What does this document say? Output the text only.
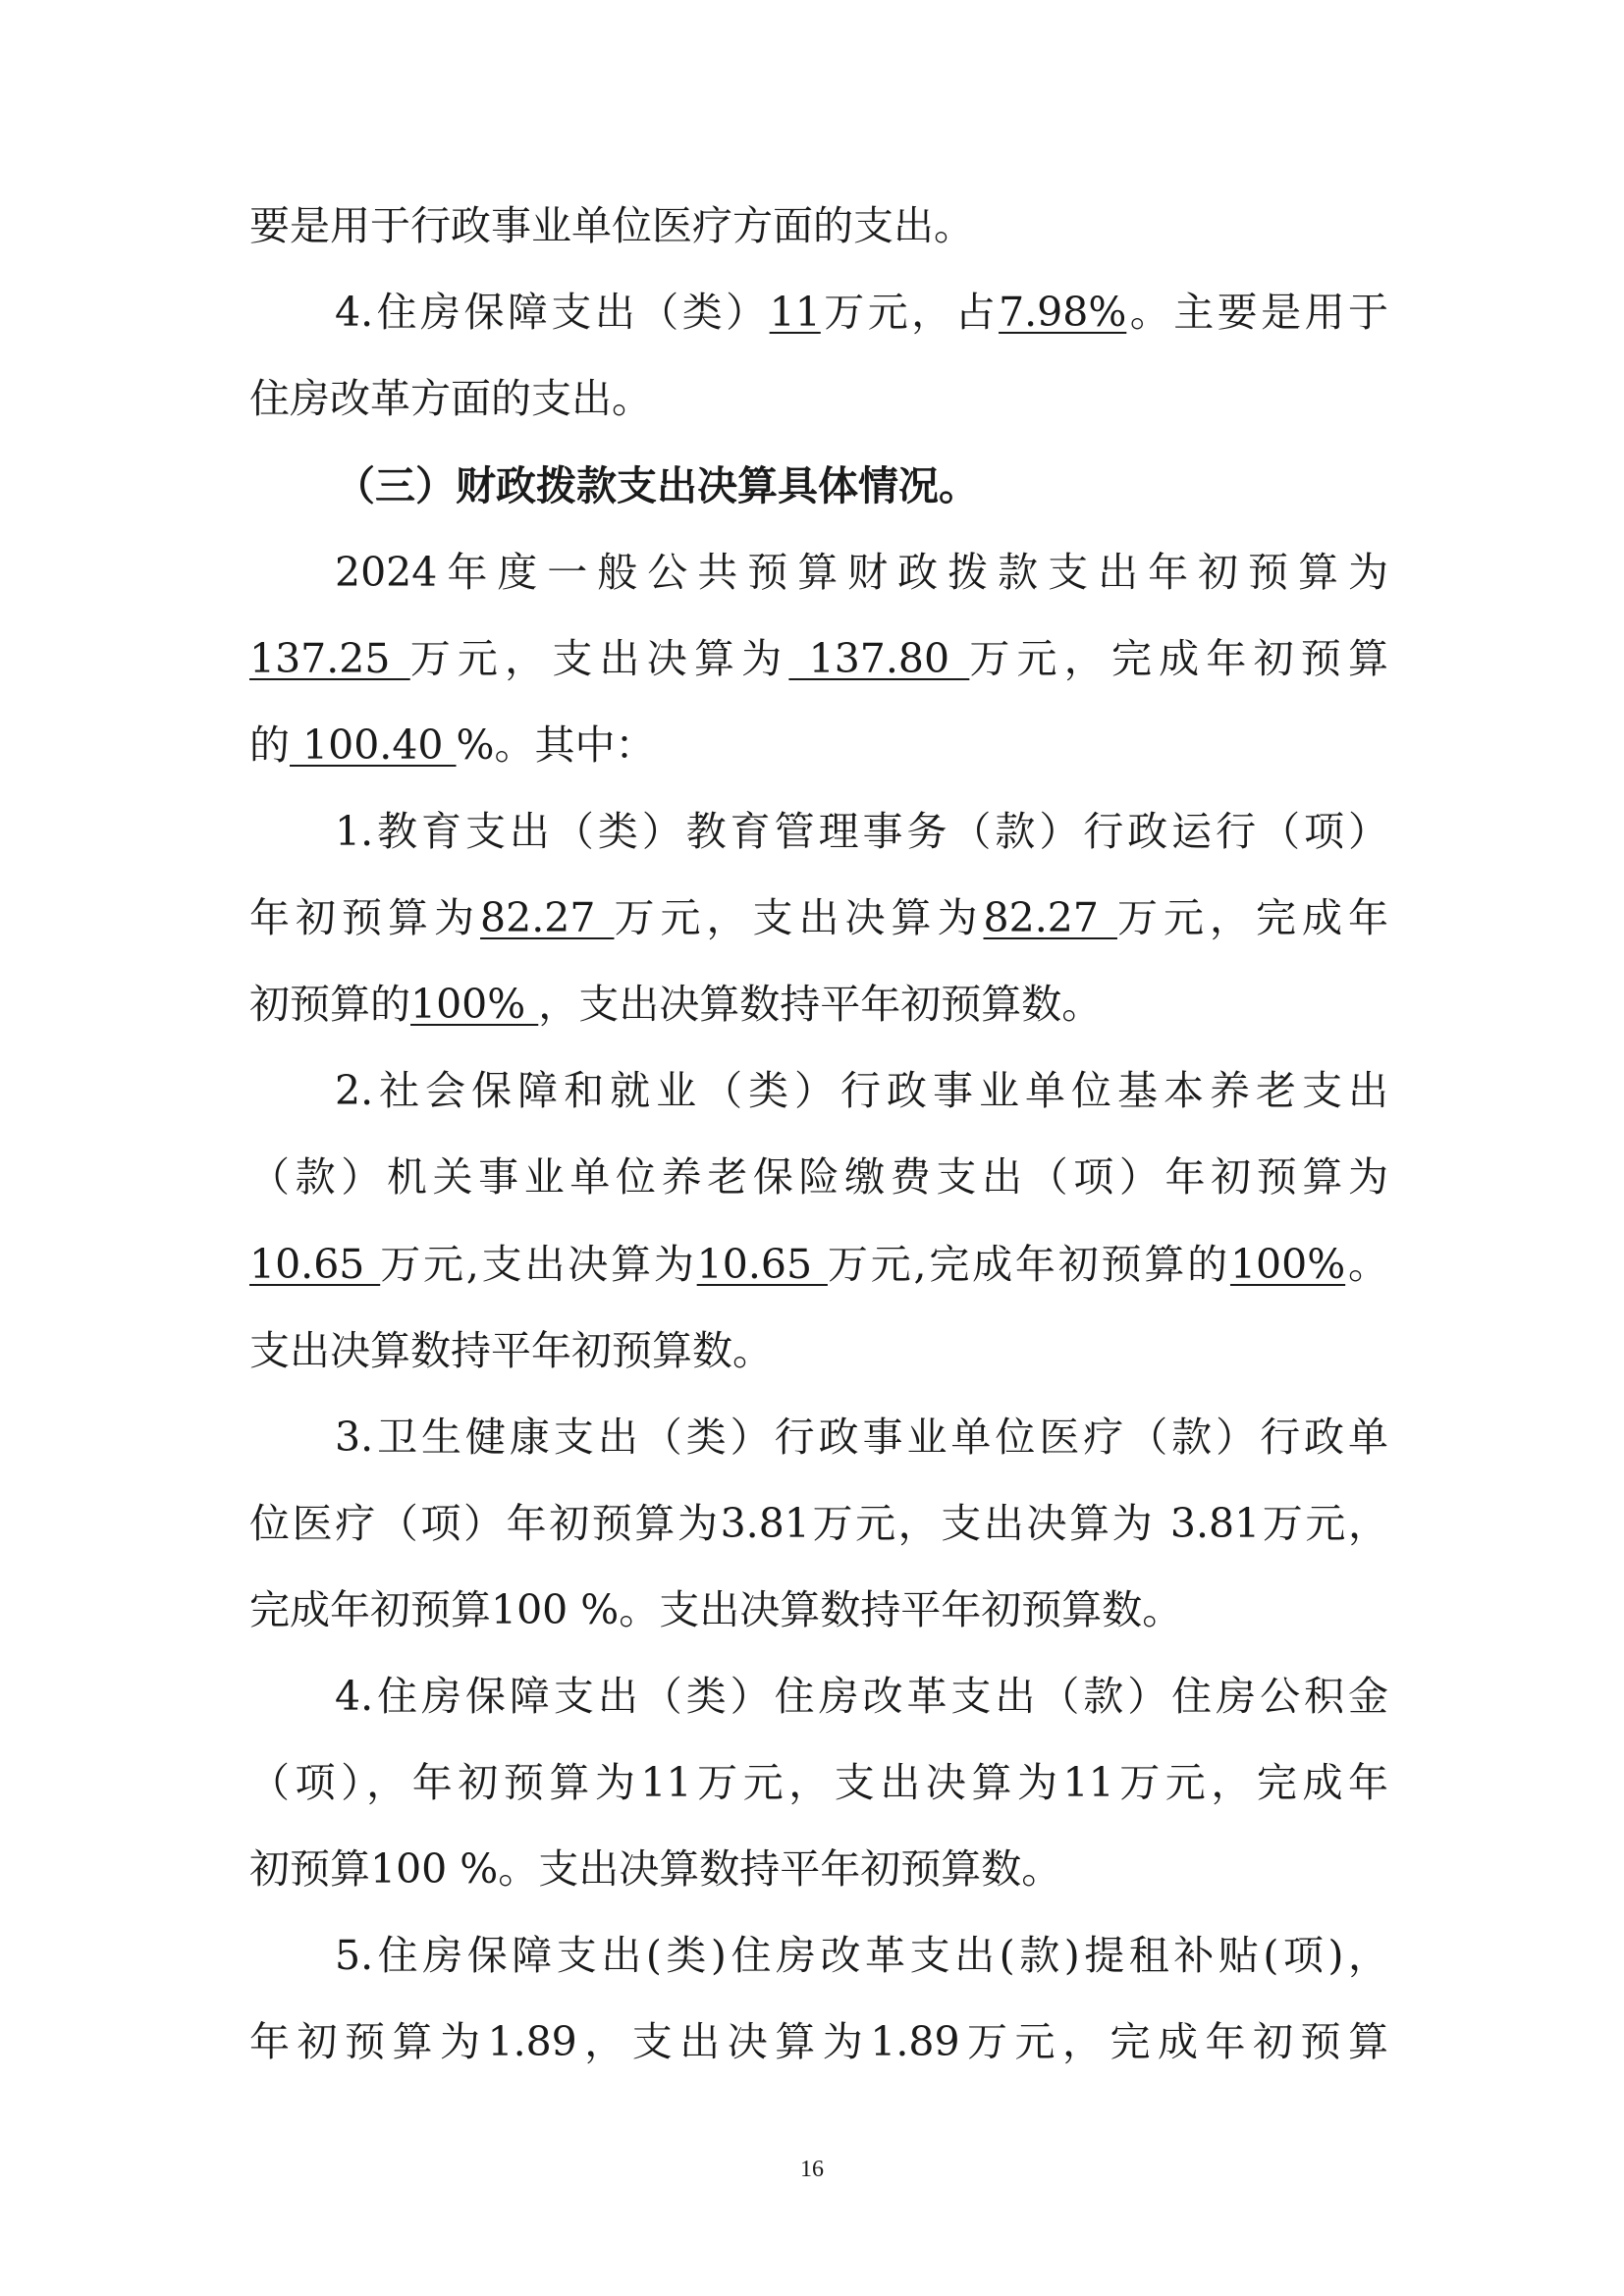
要是用于行政事业单位医疗方面的支出。
4.住房保障支出（类）11万元，占7.98%。主要是用于
住房改革方面的支出。
（三）财政拨款支出决算具体情况。
2024年度一般公共预算财政拨款支出年初预算为
137.25 万元，支出决算为 137.80 万元，完成年初预算
的 100.40 %。其中：
1.教育支出（类）教育管理事务（款）行政运行（项）
年初预算为82.27 万元，支出决算为82.27 万元，完成年
初预算的100% ，支出决算数持平年初预算数。
2.社会保障和就业（类）行政事业单位基本养老支出
（款）机关事业单位养老保险缴费支出（项）年初预算为
10.65 万元,支出决算为10.65 万元,完成年初预算的100%。
支出决算数持平年初预算数。
3.卫生健康支出（类）行政事业单位医疗（款）行政单
位医疗（项）年初预算为3.81万元，支出决算为 3.81万元，
完成年初预算100 %。支出决算数持平年初预算数。
4.住房保障支出（类）住房改革支出（款）住房公积金
（项），年初预算为11万元，支出决算为11万元，完成年
初预算100 %。支出决算数持平年初预算数。
5.住房保障支出(类)住房改革支出(款)提租补贴(项)，
年初预算为1.89，支出决算为1.89万元，完成年初预算
16
